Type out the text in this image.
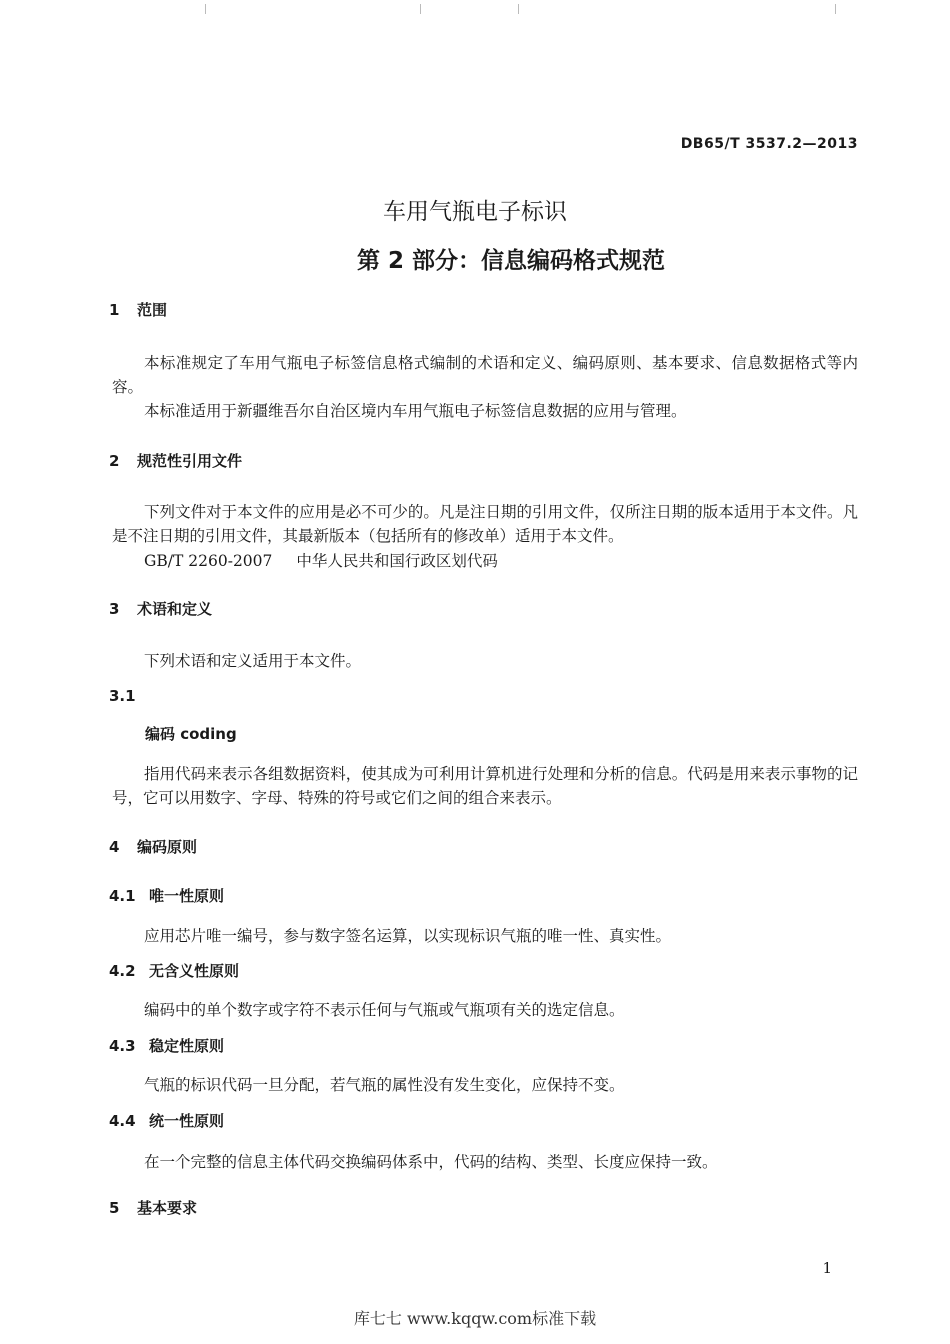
DB65/T 3537.2—2013
车用气瓶电子标识
第 2 部分：信息编码格式规范
1 范围
本标准规定了车用气瓶电子标签信息格式编制的术语和定义、编码原则、基本要求、信息数据格式等内容。
本标准适用于新疆维吾尔自治区境内车用气瓶电子标签信息数据的应用与管理。
2 规范性引用文件
下列文件对于本文件的应用是必不可少的。凡是注日期的引用文件，仅所注日期的版本适用于本文件。凡是不注日期的引用文件，其最新版本（包括所有的修改单）适用于本文件。
GB/T 2260-2007 中华人民共和国行政区划代码
3 术语和定义
下列术语和定义适用于本文件。
3.1
编码 coding
指用代码来表示各组数据资料，使其成为可利用计算机进行处理和分析的信息。代码是用来表示事物的记号，它可以用数字、字母、特殊的符号或它们之间的组合来表示。
4 编码原则
4.1 唯一性原则
应用芯片唯一编号，参与数字签名运算，以实现标识气瓶的唯一性、真实性。
4.2 无含义性原则
编码中的单个数字或字符不表示任何与气瓶或气瓶项有关的选定信息。
4.3 稳定性原则
气瓶的标识代码一旦分配，若气瓶的属性没有发生变化，应保持不变。
4.4 统一性原则
在一个完整的信息主体代码交换编码体系中，代码的结构、类型、长度应保持一致。
5 基本要求
1
库七七 www.kqqw.com标准下载
